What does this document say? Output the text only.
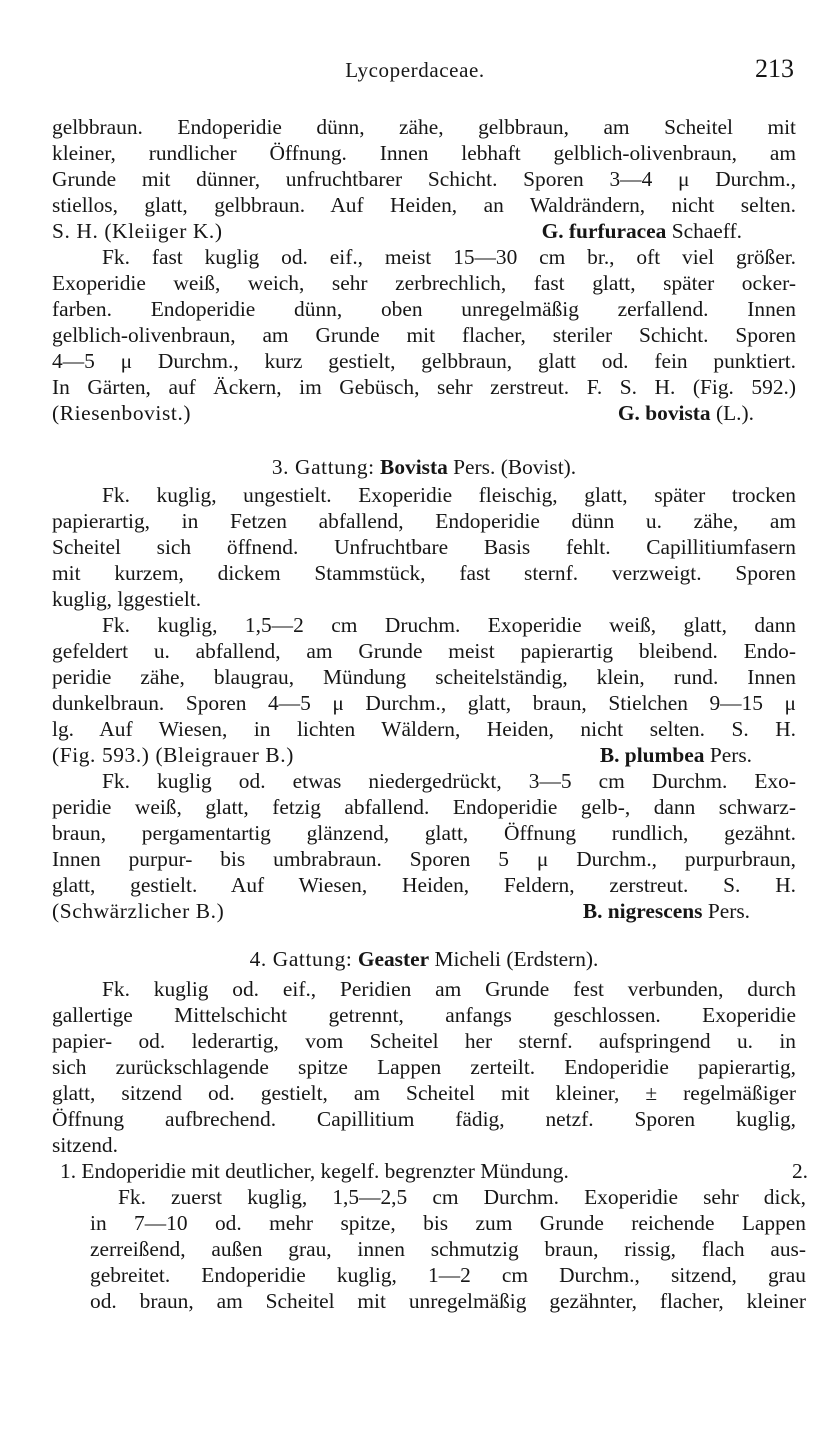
Lycoperdaceae.	213
gelbbraun. Endoperidie dünn, zähe, gelbbraun, am Scheitel mit
kleiner, rundlicher Öffnung. Innen lebhaft gelblich-olivenbraun, am
Grunde mit dünner, unfruchtbarer Schicht. Sporen 3—4 μ Durchm.,
stiellos, glatt, gelbbraun. Auf Heiden, an Waldrändern, nicht selten.
S. H. (Kleiiger K.)	G. furfuracea Schaeff.
Fk. fast kuglig od. eif., meist 15—30 cm br., oft viel größer.
Exoperidie weiß, weich, sehr zerbrechlich, fast glatt, später ocker-
farben. Endoperidie dünn, oben unregelmäßig zerfallend. Innen
gelblich-olivenbraun, am Grunde mit flacher, steriler Schicht. Sporen
4—5 μ Durchm., kurz gestielt, gelbbraun, glatt od. fein punktiert.
In Gärten, auf Äckern, im Gebüsch, sehr zerstreut. F. S. H. (Fig. 592.)
(Riesenbovist.)	G. bovista (L.).
3. Gattung: Bovista Pers. (Bovist).
Fk. kuglig, ungestielt. Exoperidie fleischig, glatt, später trocken
papierartig, in Fetzen abfallend, Endoperidie dünn u. zähe, am
Scheitel sich öffnend. Unfruchtbare Basis fehlt. Capillitiumfasern
mit kurzem, dickem Stammstück, fast sternf. verzweigt. Sporen
kuglig, lggestielt.
Fk. kuglig, 1,5—2 cm Druchm. Exoperidie weiß, glatt, dann
gefeldert u. abfallend, am Grunde meist papierartig bleibend. Endo-
peridie zähe, blaugrau, Mündung scheitelständig, klein, rund. Innen
dunkelbraun. Sporen 4—5 μ Durchm., glatt, braun, Stielchen 9—15 μ
lg. Auf Wiesen, in lichten Wäldern, Heiden, nicht selten. S. H.
(Fig. 593.) (Bleigrauer B.)	B. plumbea Pers.
Fk. kuglig od. etwas niedergedrückt, 3—5 cm Durchm. Exo-
peridie weiß, glatt, fetzig abfallend. Endoperidie gelb-, dann schwarz-
braun, pergamentartig glänzend, glatt, Öffnung rundlich, gezähnt.
Innen purpur- bis umbrabraun. Sporen 5 μ Durchm., purpurbraun,
glatt, gestielt. Auf Wiesen, Heiden, Feldern, zerstreut. S. H.
(Schwärzlicher B.)	B. nigrescens Pers.
4. Gattung: Geaster Micheli (Erdstern).
Fk. kuglig od. eif., Peridien am Grunde fest verbunden, durch
gallertige Mittelschicht getrennt, anfangs geschlossen. Exoperidie
papier- od. lederartig, vom Scheitel her sternf. aufspringend u. in
sich zurückschlagende spitze Lappen zerteilt. Endoperidie papierartig,
glatt, sitzend od. gestielt, am Scheitel mit kleiner, ± regelmäßiger
Öffnung aufbrechend. Capillitium fädig, netzf. Sporen kuglig,
sitzend.
1. Endoperidie mit deutlicher, kegelf. begrenzter Mündung.	2.
Fk. zuerst kuglig, 1,5—2,5 cm Durchm. Exoperidie sehr dick,
in 7—10 od. mehr spitze, bis zum Grunde reichende Lappen
zerreißend, außen grau, innen schmutzig braun, rissig, flach aus-
gebreitet. Endoperidie kuglig, 1—2 cm Durchm., sitzend, grau
od. braun, am Scheitel mit unregelmäßig gezähnter, flacher, kleiner
